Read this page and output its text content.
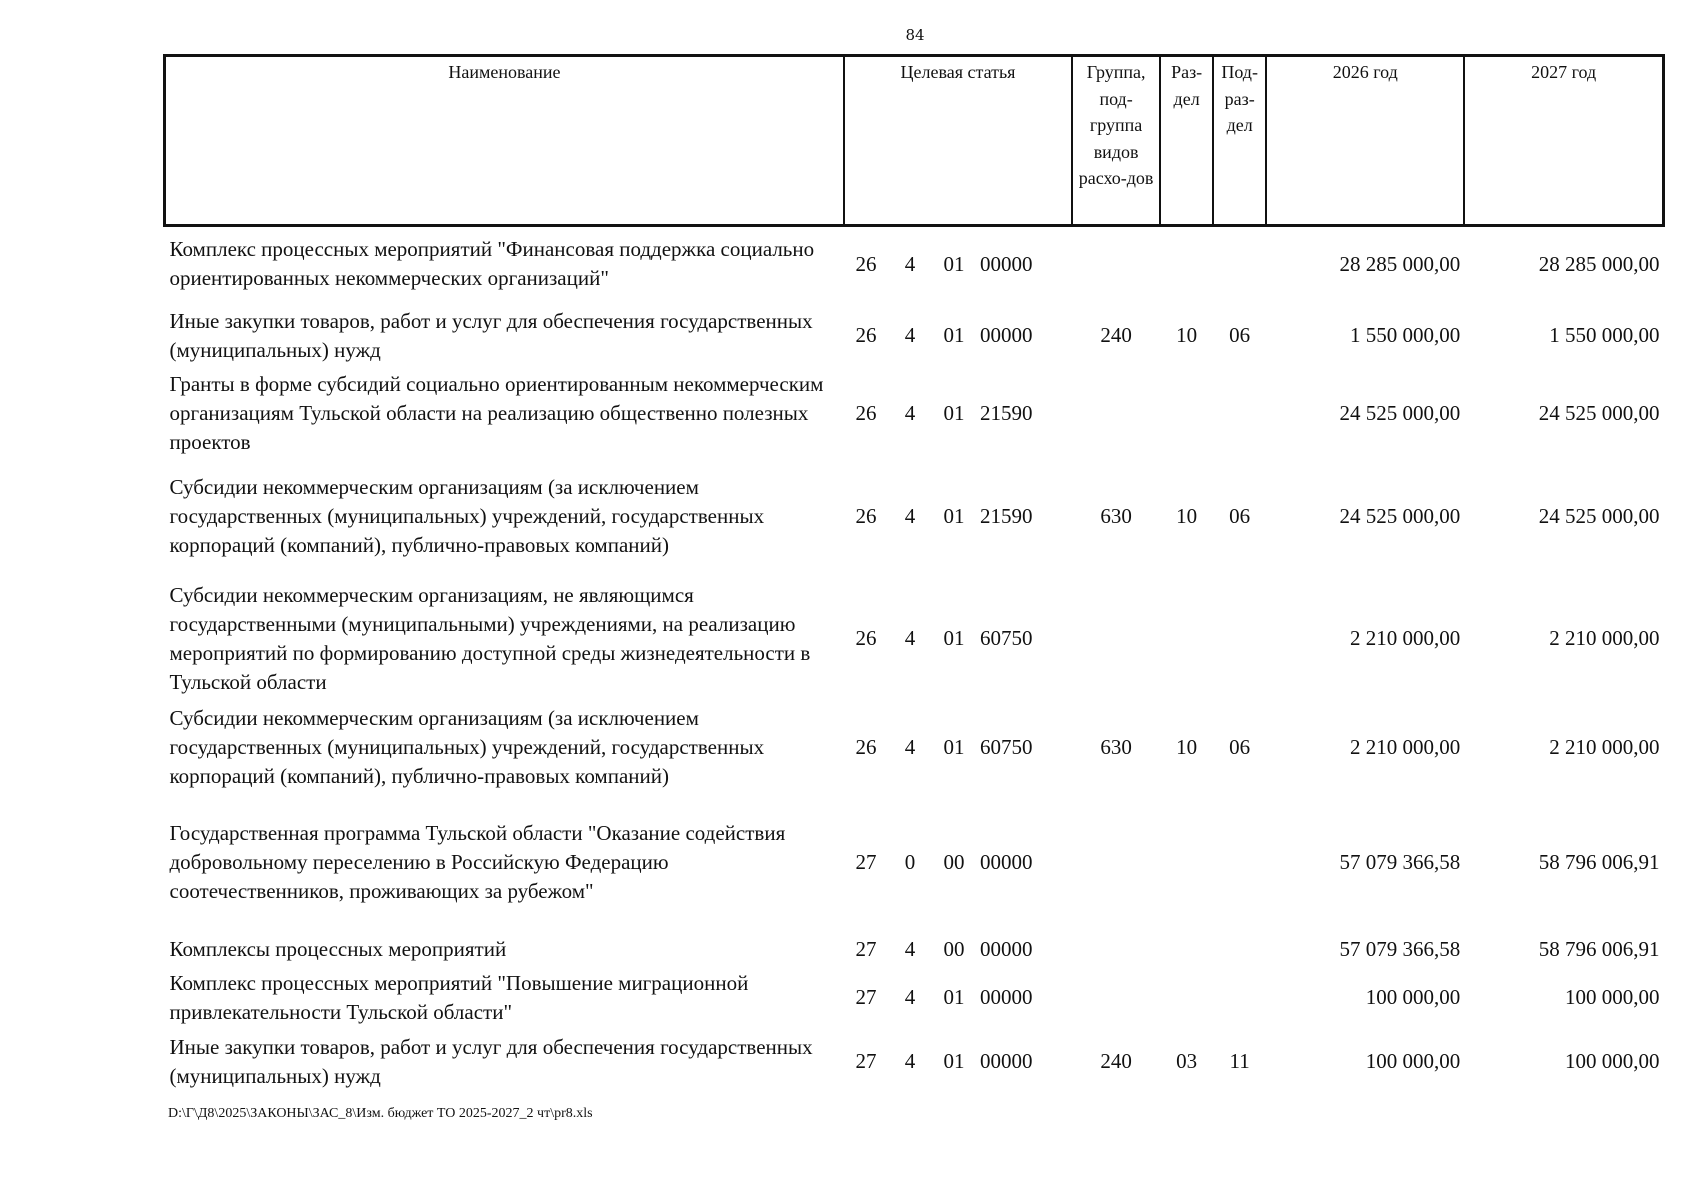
84
Наименование	Целевая статья				Группа, под-группа видов расхо-дов	Раз-дел	Под-раз-дел	2026 год	2027 год
Комплекс процессных мероприятий "Финансовая поддержка социально ориентированных некоммерческих организаций"	26	4	01	00000				28 285 000,00	28 285 000,00
Иные закупки товаров, работ и услуг для обеспечения государственных (муниципальных) нужд	26	4	01	00000	240	10	06	1 550 000,00	1 550 000,00
Гранты в форме субсидий социально ориентированным некоммерческим организациям Тульской области на реализацию общественно полезных проектов	26	4	01	21590				24 525 000,00	24 525 000,00
Субсидии некоммерческим организациям (за исключением государственных (муниципальных) учреждений, государственных корпораций (компаний), публично-правовых компаний)	26	4	01	21590	630	10	06	24 525 000,00	24 525 000,00
Субсидии некоммерческим организациям, не являющимся государственными (муниципальными) учреждениями, на реализацию мероприятий по формированию доступной среды жизнедеятельности в Тульской области	26	4	01	60750				2 210 000,00	2 210 000,00
Субсидии некоммерческим организациям (за исключением государственных (муниципальных) учреждений, государственных корпораций (компаний), публично-правовых компаний)	26	4	01	60750	630	10	06	2 210 000,00	2 210 000,00
Государственная программа Тульской области "Оказание содействия добровольному переселению в Российскую Федерацию соотечественников, проживающих за рубежом"	27	0	00	00000				57 079 366,58	58 796 006,91
Комплексы процессных мероприятий	27	4	00	00000				57 079 366,58	58 796 006,91
Комплекс процессных мероприятий "Повышение миграционной привлекательности Тульской области"	27	4	01	00000				100 000,00	100 000,00
Иные закупки товаров, работ и услуг для обеспечения государственных (муниципальных) нужд	27	4	01	00000	240	03	11	100 000,00	100 000,00
D:\Г\Д8\2025\ЗАКОНЫ\ЗАС_8\Изм. бюджет ТО 2025-2027_2 чт\pr8.xls
